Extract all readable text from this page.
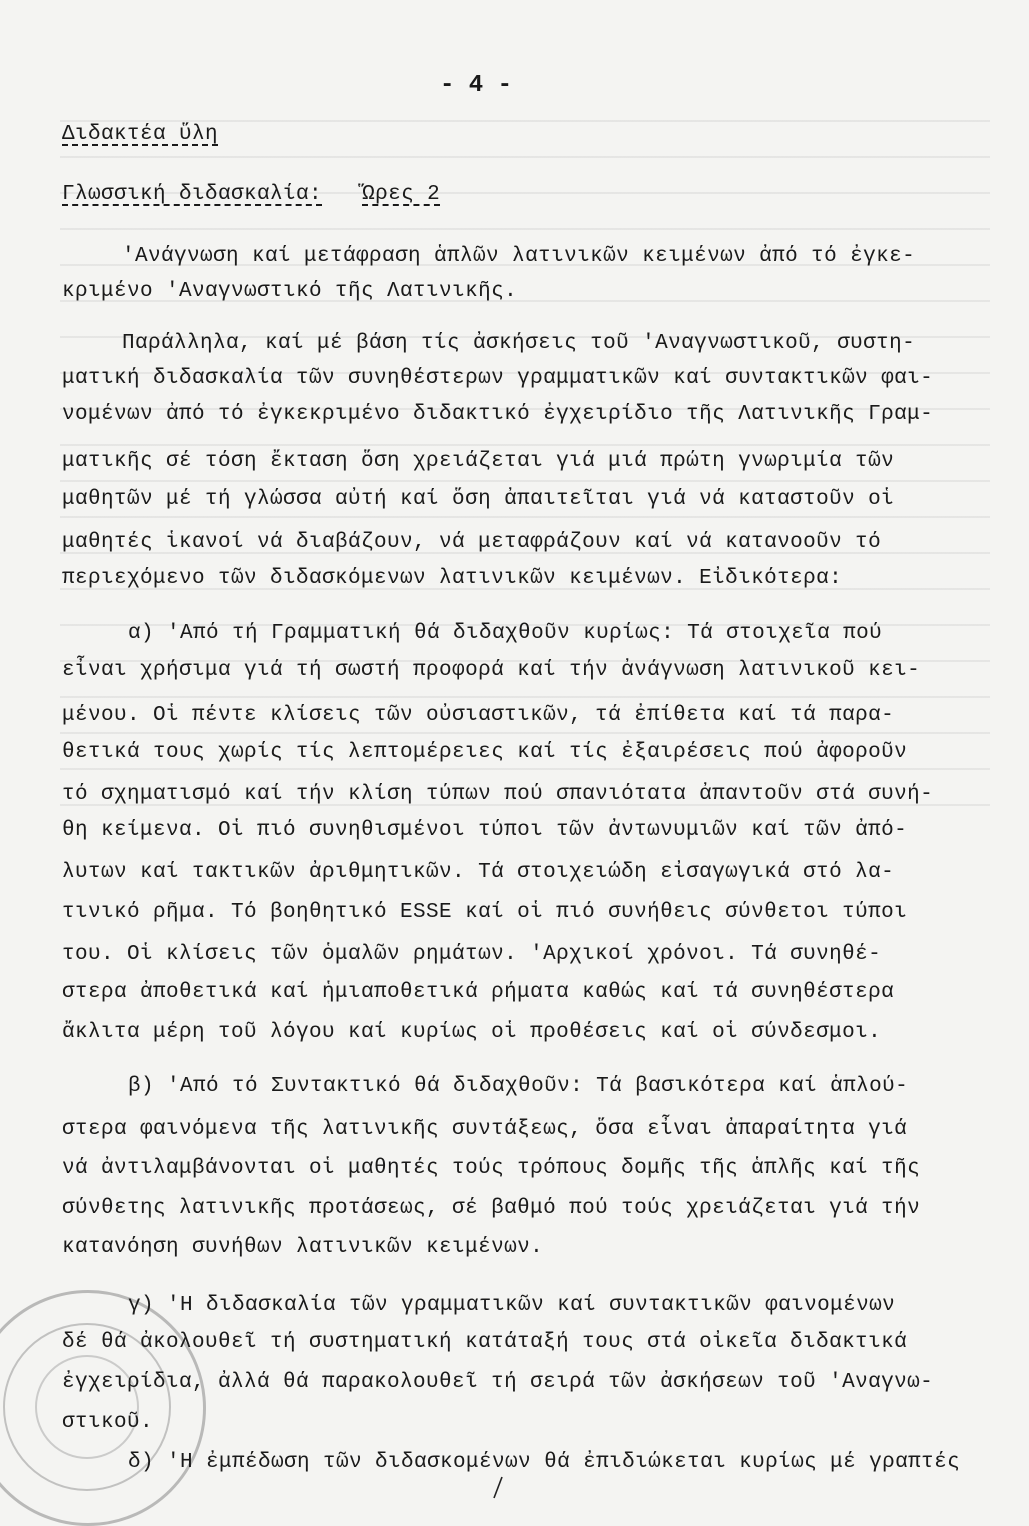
- 4 -
Διδακτέα ὕλη
Γλωσσική διδασκαλία: Ὥρες 2
'Ανάγνωση καί μετάφραση ἁπλῶν λατινικῶν κειμένων ἀπό τό ἐγκε-
κριμένο 'Αναγνωστικό τῆς Λατινικῆς.
Παράλληλα, καί μέ βάση τίς ἀσκήσεις τοῦ 'Αναγνωστικοῦ, συστη-
ματική διδασκαλία τῶν συνηθέστερων γραμματικῶν καί συντακτικῶν φαι-
νομένων ἀπό τό ἐγκεκριμένο διδακτικό ἐγχειρίδιο τῆς Λατινικῆς Γραμ-
ματικῆς σέ τόση ἔκταση ὅση χρειάζεται γιά μιά πρώτη γνωριμία τῶν
μαθητῶν μέ τή γλώσσα αὐτή καί ὅση ἀπαιτεῖται γιά νά καταστοῦν οἱ
μαθητές ἱκανοί νά διαβάζουν, νά μεταφράζουν καί νά κατανοοῦν τό
περιεχόμενο τῶν διδασκόμενων λατινικῶν κειμένων. Εἰδικότερα:
α) 'Από τή Γραμματική θά διδαχθοῦν κυρίως: Τά στοιχεῖα πού
εἶναι χρήσιμα γιά τή σωστή προφορά καί τήν ἀνάγνωση λατινικοῦ κει-
μένου. Οἱ πέντε κλίσεις τῶν οὐσιαστικῶν, τά ἐπίθετα καί τά παρα-
θετικά τους χωρίς τίς λεπτομέρειες καί τίς ἐξαιρέσεις πού ἀφοροῦν
τό σχηματισμό καί τήν κλίση τύπων πού σπανιότατα ἀπαντοῦν στά συνή-
θη κείμενα. Οἱ πιό συνηθισμένοι τύποι τῶν ἀντωνυμιῶν καί τῶν ἀπό-
λυτων καί τακτικῶν ἀριθμητικῶν. Τά στοιχειώδη εἰσαγωγικά στό λα-
τινικό ρῆμα. Τό βοηθητικό ESSE καί οἱ πιό συνήθεις σύνθετοι τύποι
του. Οἱ κλίσεις τῶν ὁμαλῶν ρημάτων. 'Αρχικοί χρόνοι. Τά συνηθέ-
στερα ἀποθετικά καί ἡμιαποθετικά ρήματα καθώς καί τά συνηθέστερα
ἄκλιτα μέρη τοῦ λόγου καί κυρίως οἱ προθέσεις καί οἱ σύνδεσμοι.
β) 'Από τό Συντακτικό θά διδαχθοῦν: Τά βασικότερα καί ἁπλού-
στερα φαινόμενα τῆς λατινικῆς συντάξεως, ὅσα εἶναι ἀπαραίτητα γιά
νά ἀντιλαμβάνονται οἱ μαθητές τούς τρόπους δομῆς τῆς ἁπλῆς καί τῆς
σύνθετης λατινικῆς προτάσεως, σέ βαθμό πού τούς χρειάζεται γιά τήν
κατανόηση συνήθων λατινικῶν κειμένων.
γ) 'Η διδασκαλία τῶν γραμματικῶν καί συντακτικῶν φαινομένων
δέ θά ἀκολουθεῖ τή συστηματική κατάταξή τους στά οἰκεῖα διδακτικά
ἐγχειρίδια, ἀλλά θά παρακολουθεῖ τή σειρά τῶν ἀσκήσεων τοῦ 'Αναγνω-
στικοῦ.
δ) 'Η ἐμπέδωση τῶν διδασκομένων θά ἐπιδιώκεται κυρίως μέ γραπτές
